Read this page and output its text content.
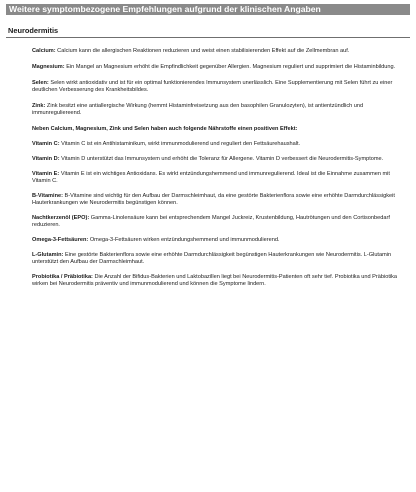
Weitere symptombezogene Empfehlungen aufgrund der klinischen Angaben
Neurodermitis

Calcium: Calcium kann die allergischen Reaktionen reduzieren und weist einen stabilisierenden Effekt auf die Zellmembran auf.

Magnesium: Ein Mangel an Magnesium erhöht die Empfindlichkeit gegenüber Allergien. Magnesium reguliert und supprimiert die Histaminbildung.

Selen: Selen wirkt antioxidativ und ist für ein optimal funktionierendes Immunsystem unerlässlich. Eine Supplementierung mit Selen führt zu einer deutlichen Verbesserung des Krankheitsbildes.

Zink: Zink besitzt eine antiallergische Wirkung (hemmt Histaminfreisetzung aus den basophilen Granulozyten), ist antientzündlich und immunreguliereend.

Neben Calcium, Magnesium, Zink und Selen haben auch folgende Nährstoffe einen positiven Effekt:

Vitamin C: Vitamin C ist ein Antihistaminikum, wirkt immunmodulierend und reguliert den Fettsäurehaushalt.

Vitamin D: Vitamin D unterstützt das Immunsystem und erhöht die Toleranz für Allergene. Vitamin D verbessert die Neurodermitis-Symptome.

Vitamin E: Vitamin E ist ein wichtiges Antioxidans. Es wirkt entzündungshemmend und immunregulierend. Ideal ist die Einnahme zusammen mit Vitamin C.

B-Vitamine: B-Vitamine sind wichtig für den Aufbau der Darmschleimhaut, da eine gestörte Bakterienflora sowie eine erhöhte Darmdurchlässigkeit Hauterkrankungen wie Neurodermitis begünstigen können.

Nachtkerzenöl (EPO): Gamma-Linolensäure kann bei entsprechendem Mangel Juckreiz, Krustenbildung, Hautrötungen und den Cortisonbedarf reduzieren.

Omega-3-Fettsäuren: Omega-3-Fettsäuren wirken entzündungshemmend und immunmodulierend.

L-Glutamin: Eine gestörte Bakterienflora sowie eine erhöhte Darmdurchlässigkeit begünstigen Hauterkrankungen wie Neurodermitis. L-Glutamin unterstützt den Aufbau der Darmschleimhaut.

Probiotika / Präbiotika: Die Anzahl der Bifidus-Bakterien und Laktobazillen liegt bei Neurodermitis-Patienten oft sehr tief. Probiotika und Präbiotika wirken bei Neurodermitis präventiv und immunmodulierend und können die Symptome lindern.
